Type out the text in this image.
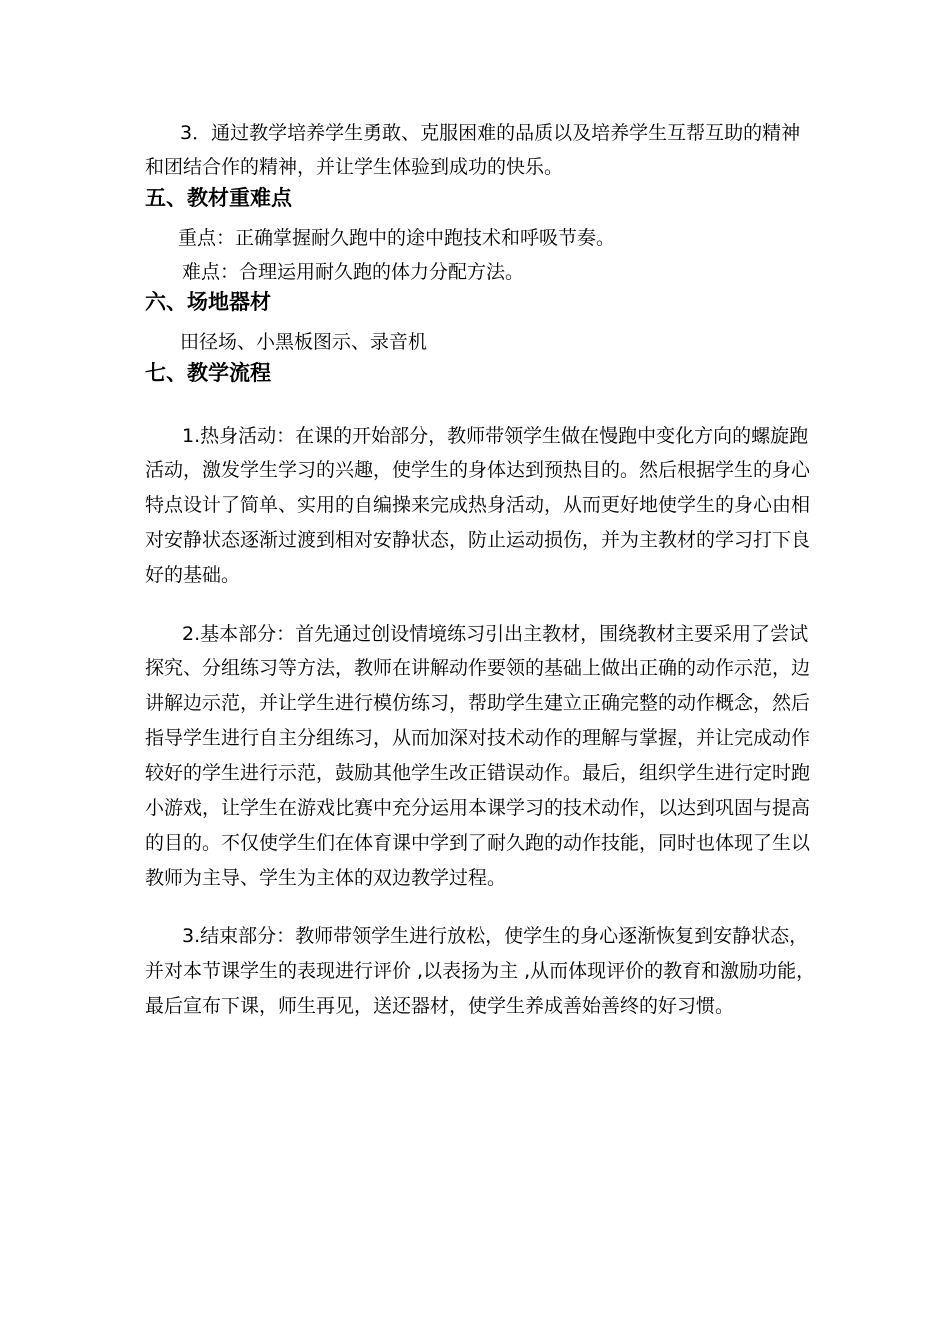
3．通过教学培养学生勇敢、克服困难的品质以及培养学生互帮互助的精神
和团结合作的精神，并让学生体验到成功的快乐。
五、教材重难点
重点：正确掌握耐久跑中的途中跑技术和呼吸节奏。
难点：合理运用耐久跑的体力分配方法。
六、场地器材
田径场、小黑板图示、录音机
七、教学流程
1.热身活动：在课的开始部分，教师带领学生做在慢跑中变化方向的螺旋跑
活动，激发学生学习的兴趣，使学生的身体达到预热目的。然后根据学生的身心
特点设计了简单、实用的自编操来完成热身活动，从而更好地使学生的身心由相
对安静状态逐渐过渡到相对安静状态，防止运动损伤，并为主教材的学习打下良
好的基础。
2.基本部分：首先通过创设情境练习引出主教材，围绕教材主要采用了尝试
探究、分组练习等方法，教师在讲解动作要领的基础上做出正确的动作示范，边
讲解边示范，并让学生进行模仿练习，帮助学生建立正确完整的动作概念，然后
指导学生进行自主分组练习，从而加深对技术动作的理解与掌握，并让完成动作
较好的学生进行示范，鼓励其他学生改正错误动作。最后，组织学生进行定时跑
小游戏，让学生在游戏比赛中充分运用本课学习的技术动作，以达到巩固与提高
的目的。不仅使学生们在体育课中学到了耐久跑的动作技能，同时也体现了生以
教师为主导、学生为主体的双边教学过程。
3.结束部分：教师带领学生进行放松，使学生的身心逐渐恢复到安静状态，
并对本节课学生的表现进行评价 ,以表扬为主 ,从而体现评价的教育和激励功能，
最后宣布下课，师生再见，送还器材，使学生养成善始善终的好习惯。
